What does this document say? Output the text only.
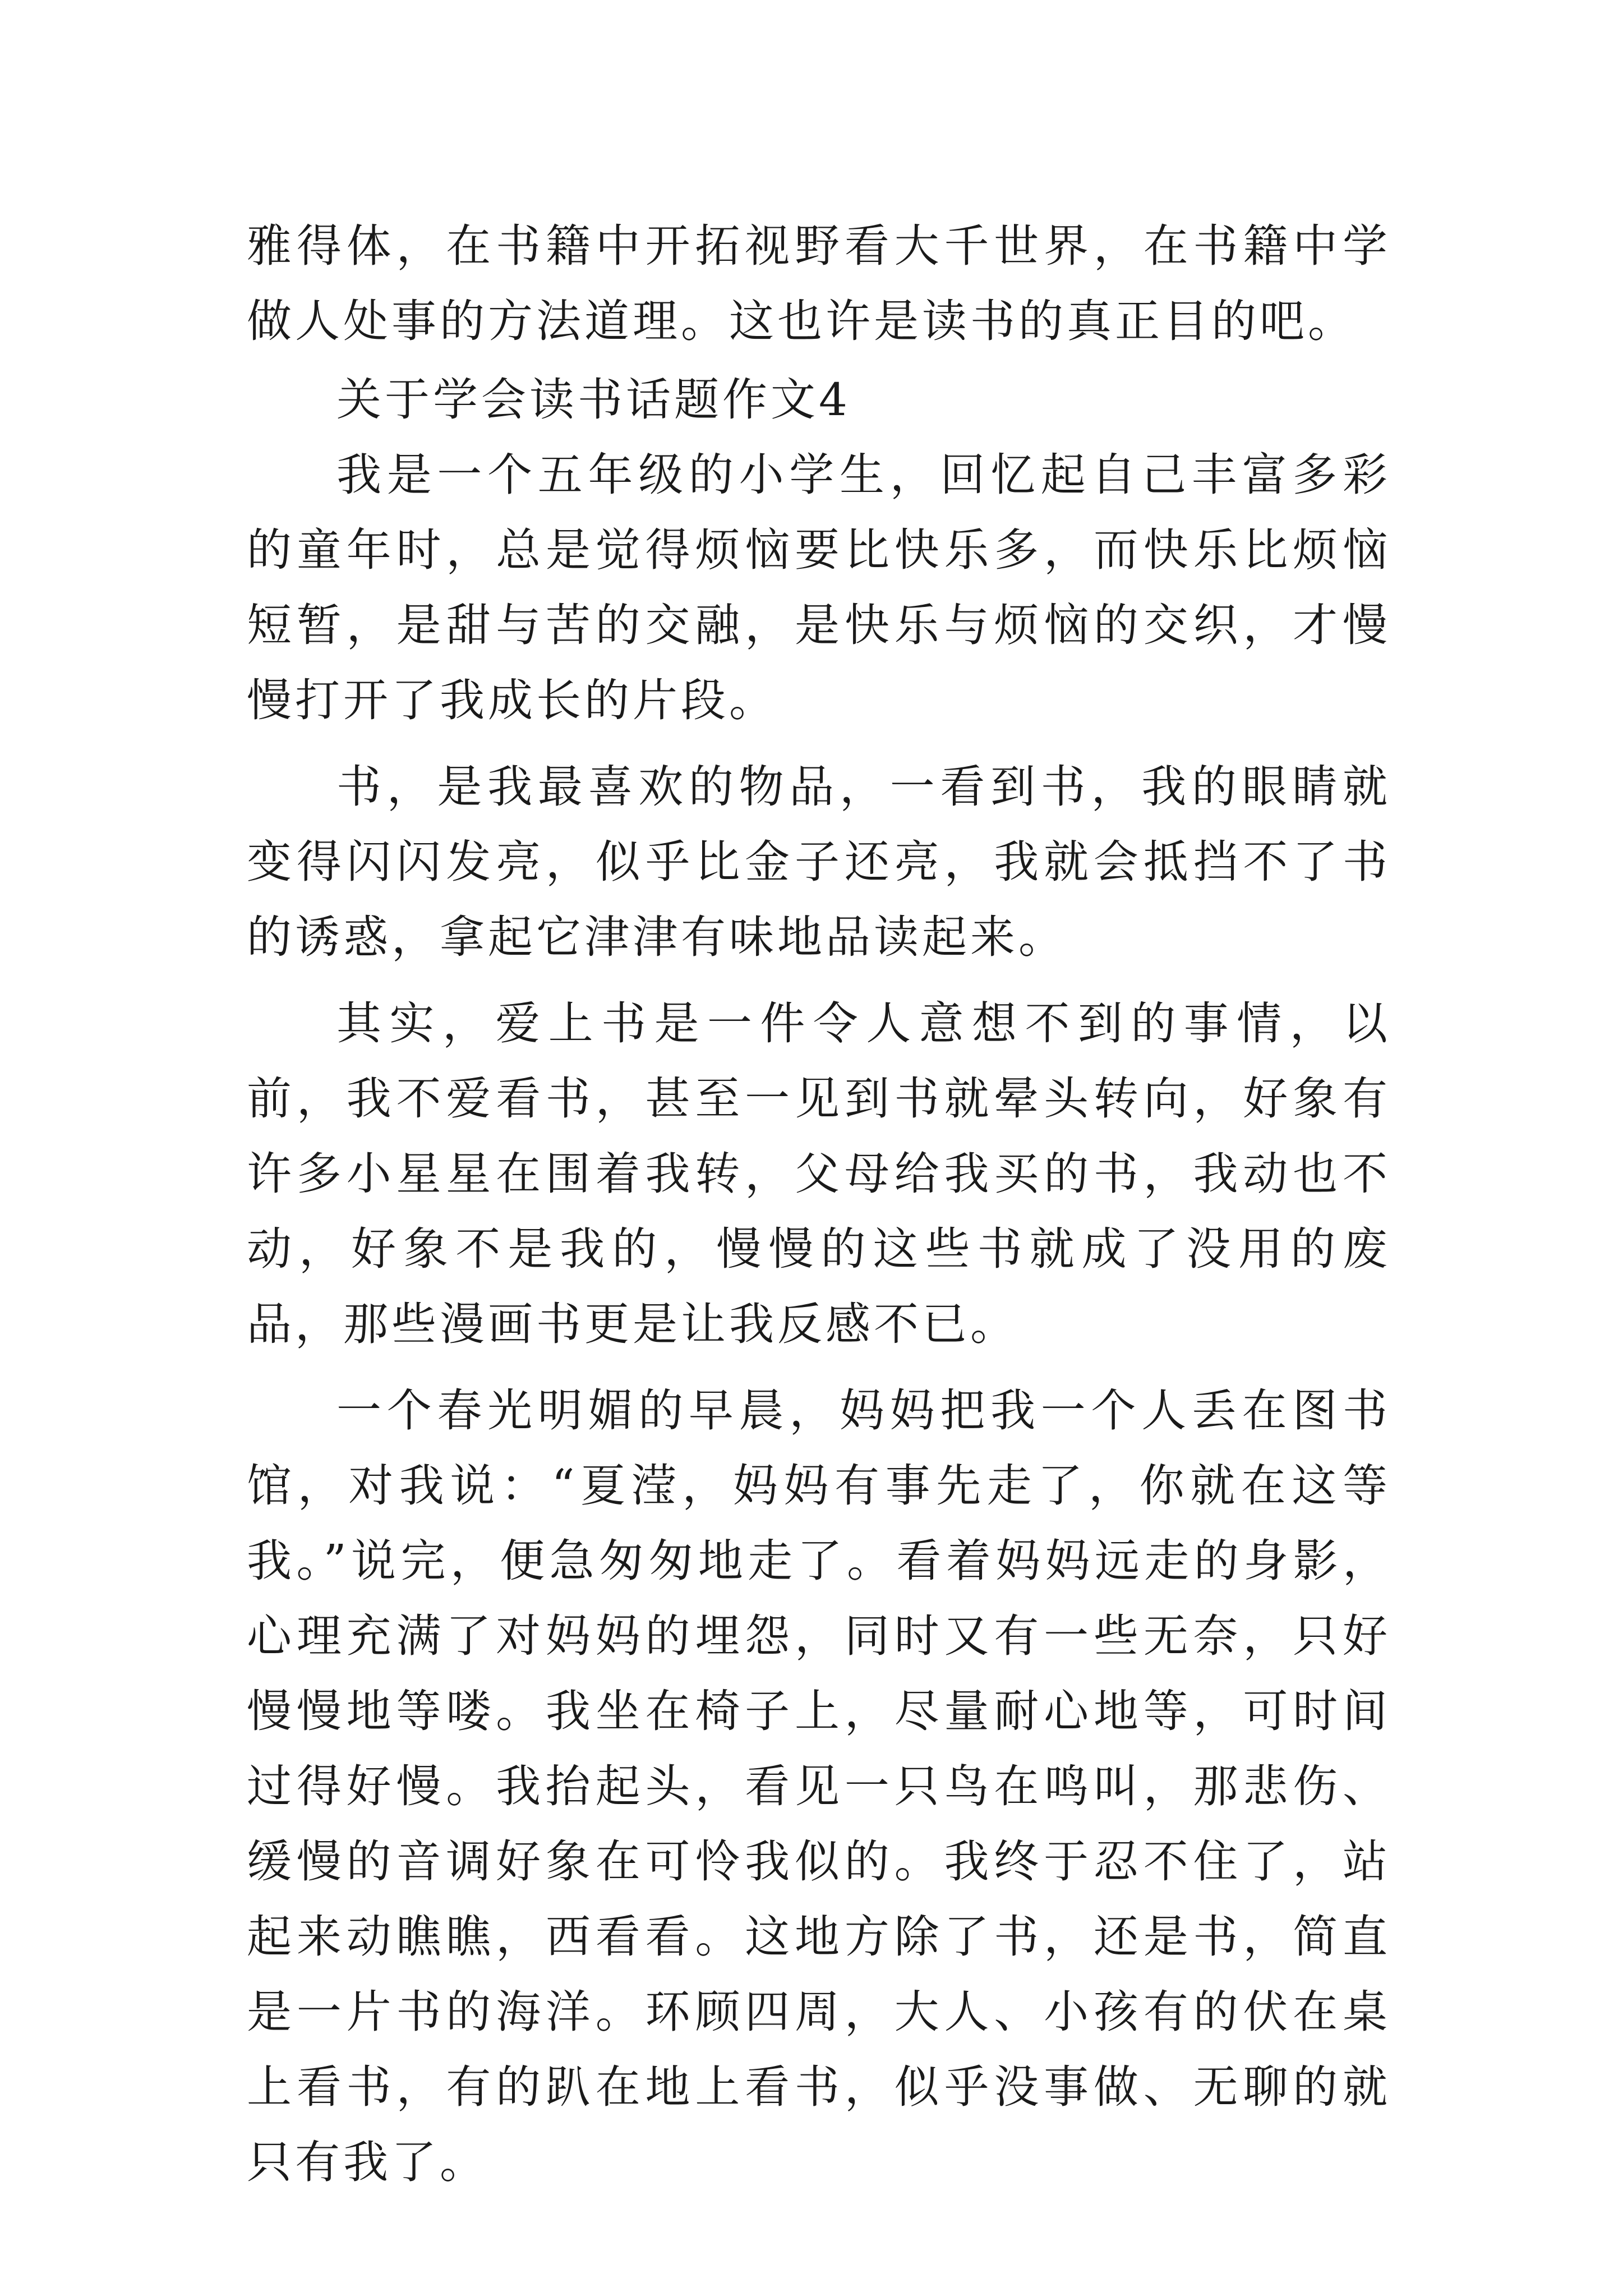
雅得体，在书籍中开拓视野看大千世界，在书籍中学做人处事的方法道理。这也许是读书的真正目的吧。

关于学会读书话题作文4

我是一个五年级的小学生，回忆起自己丰富多彩的童年时，总是觉得烦恼要比快乐多，而快乐比烦恼短暂，是甜与苦的交融，是快乐与烦恼的交织，才慢慢打开了我成长的片段。

书，是我最喜欢的物品，一看到书，我的眼睛就变得闪闪发亮，似乎比金子还亮，我就会抵挡不了书的诱惑，拿起它津津有味地品读起来。

其实，爱上书是一件令人意想不到的事情，以前，我不爱看书，甚至一见到书就晕头转向，好象有许多小星星在围着我转，父母给我买的书，我动也不动，好象不是我的，慢慢的这些书就成了没用的废品，那些漫画书更是让我反感不已。

一个春光明媚的早晨，妈妈把我一个人丢在图书馆，对我说：“夏滢，妈妈有事先走了，你就在这等我。”说完，便急匆匆地走了。看着妈妈远走的身影，心理充满了对妈妈的埋怨，同时又有一些无奈，只好慢慢地等喽。我坐在椅子上，尽量耐心地等，可时间过得好慢。我抬起头，看见一只鸟在鸣叫，那悲伤、缓慢的音调好象在可怜我似的。我终于忍不住了，站起来动瞧瞧，西看看。这地方除了书，还是书，简直是一片书的海洋。环顾四周，大人、小孩有的伏在桌上看书，有的趴在地上看书，似乎没事做、无聊的就只有我了。
